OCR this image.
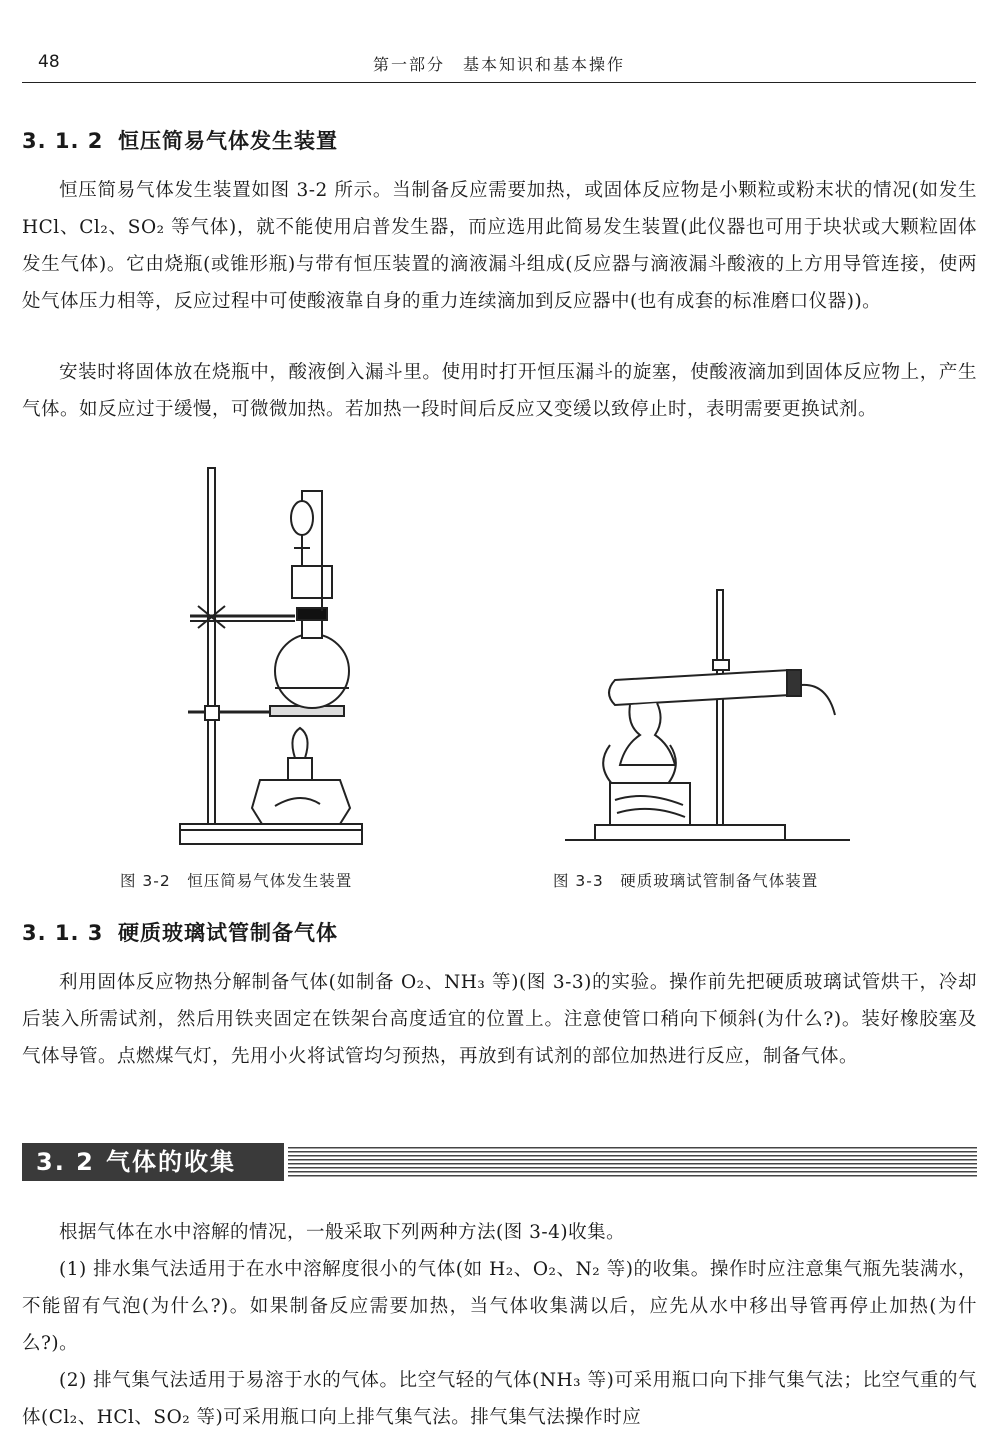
48	第一部分　基本知识和基本操作
3. 1. 2 恒压简易气体发生装置

恒压简易气体发生装置如图 3-2 所示。当制备反应需要加热，或固体反应物是小颗粒或粉末状的情况(如发生 HCl、Cl₂、SO₂ 等气体)，就不能使用启普发生器，而应选用此简易发生装置(此仪器也可用于块状或大颗粒固体发生气体)。它由烧瓶(或锥形瓶)与带有恒压装置的滴液漏斗组成(反应器与滴液漏斗酸液的上方用导管连接，使两处气体压力相等，反应过程中可使酸液靠自身的重力连续滴加到反应器中(也有成套的标准磨口仪器))。

安装时将固体放在烧瓶中，酸液倒入漏斗里。使用时打开恒压漏斗的旋塞，使酸液滴加到固体反应物上，产生气体。如反应过于缓慢，可微微加热。若加热一段时间后反应又变缓以致停止时，表明需要更换试剂。

图 3-2　恒压简易气体发生装置	图 3-3　硬质玻璃试管制备气体装置
3. 1. 3 硬质玻璃试管制备气体

利用固体反应物热分解制备气体(如制备 O₂、NH₃ 等)(图 3-3)的实验。操作前先把硬质玻璃试管烘干，冷却后装入所需试剂，然后用铁夹固定在铁架台高度适宜的位置上。注意使管口稍向下倾斜(为什么?)。装好橡胶塞及气体导管。点燃煤气灯，先用小火将试管均匀预热，再放到有试剂的部位加热进行反应，制备气体。

3. 2 气体的收集

根据气体在水中溶解的情况，一般采取下列两种方法(图 3-4)收集。

(1) 排水集气法适用于在水中溶解度很小的气体(如 H₂、O₂、N₂ 等)的收集。操作时应注意集气瓶先装满水，不能留有气泡(为什么?)。如果制备反应需要加热，当气体收集满以后，应先从水中移出导管再停止加热(为什么?)。

(2) 排气集气法适用于易溶于水的气体。比空气轻的气体(NH₃ 等)可采用瓶口向下排气集气法；比空气重的气体(Cl₂、HCl、SO₂ 等)可采用瓶口向上排气集气法。排气集气法操作时应
